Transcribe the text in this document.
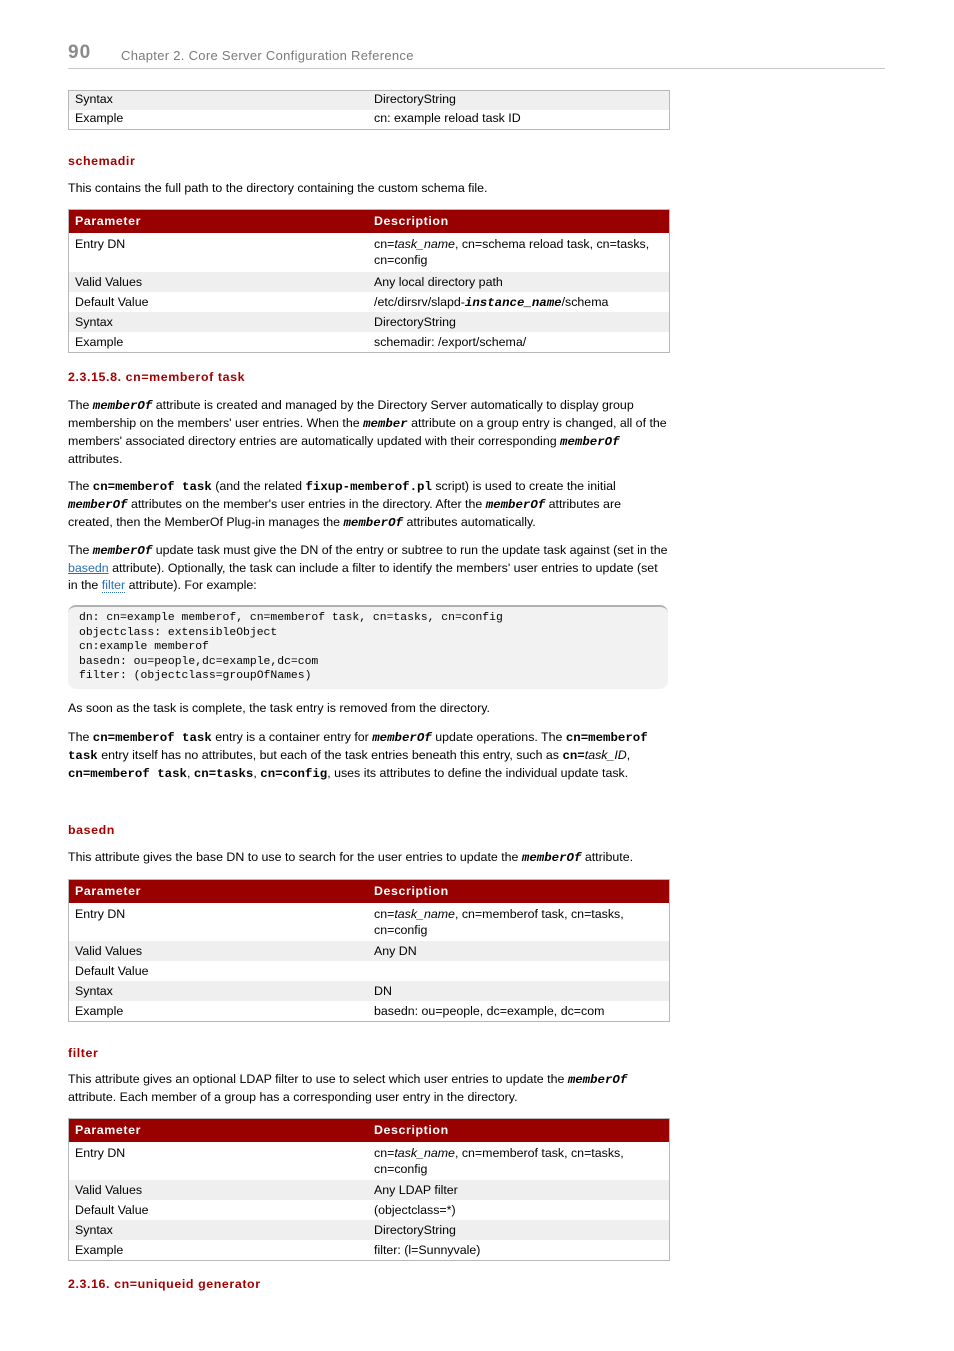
90 Chapter 2. Core Server Configuration Reference
Syntax	DirectoryString
Example	cn: example reload task ID
schemadir
This contains the full path to the directory containing the custom schema file.
Parameter	Description
Entry DN	cn=task_name, cn=schema reload task, cn=tasks, cn=config
Valid Values	Any local directory path
Default Value	/etc/dirsrv/slapd-instance_name/schema
Syntax	DirectoryString
Example	schemadir: /export/schema/
2.3.15.8. cn=memberof task
The memberOf attribute is created and managed by the Directory Server automatically to display group membership on the members' user entries. When the member attribute on a group entry is changed, all of the members' associated directory entries are automatically updated with their corresponding memberOf attributes.
The cn=memberof task (and the related fixup-memberof.pl script) is used to create the initial memberOf attributes on the member's user entries in the directory. After the memberOf attributes are created, then the MemberOf Plug-in manages the memberOf attributes automatically.
The memberOf update task must give the DN of the entry or subtree to run the update task against (set in the basedn attribute). Optionally, the task can include a filter to identify the members' user entries to update (set in the filter attribute). For example:
dn: cn=example memberof, cn=memberof task, cn=tasks, cn=config
objectclass: extensibleObject
cn:example memberof
basedn: ou=people,dc=example,dc=com
filter: (objectclass=groupOfNames)
As soon as the task is complete, the task entry is removed from the directory.
The cn=memberof task entry is a container entry for memberOf update operations. The cn=memberof task entry itself has no attributes, but each of the task entries beneath this entry, such as cn=task_ID, cn=memberof task, cn=tasks, cn=config, uses its attributes to define the individual update task.
basedn
This attribute gives the base DN to use to search for the user entries to update the memberOf attribute.
Parameter	Description
Entry DN	cn=task_name, cn=memberof task, cn=tasks, cn=config
Valid Values	Any DN
Default Value
Syntax	DN
Example	basedn: ou=people, dc=example, dc=com
filter
This attribute gives an optional LDAP filter to use to select which user entries to update the memberOf attribute. Each member of a group has a corresponding user entry in the directory.
Parameter	Description
Entry DN	cn=task_name, cn=memberof task, cn=tasks, cn=config
Valid Values	Any LDAP filter
Default Value	(objectclass=*)
Syntax	DirectoryString
Example	filter: (l=Sunnyvale)
2.3.16. cn=uniqueid generator
